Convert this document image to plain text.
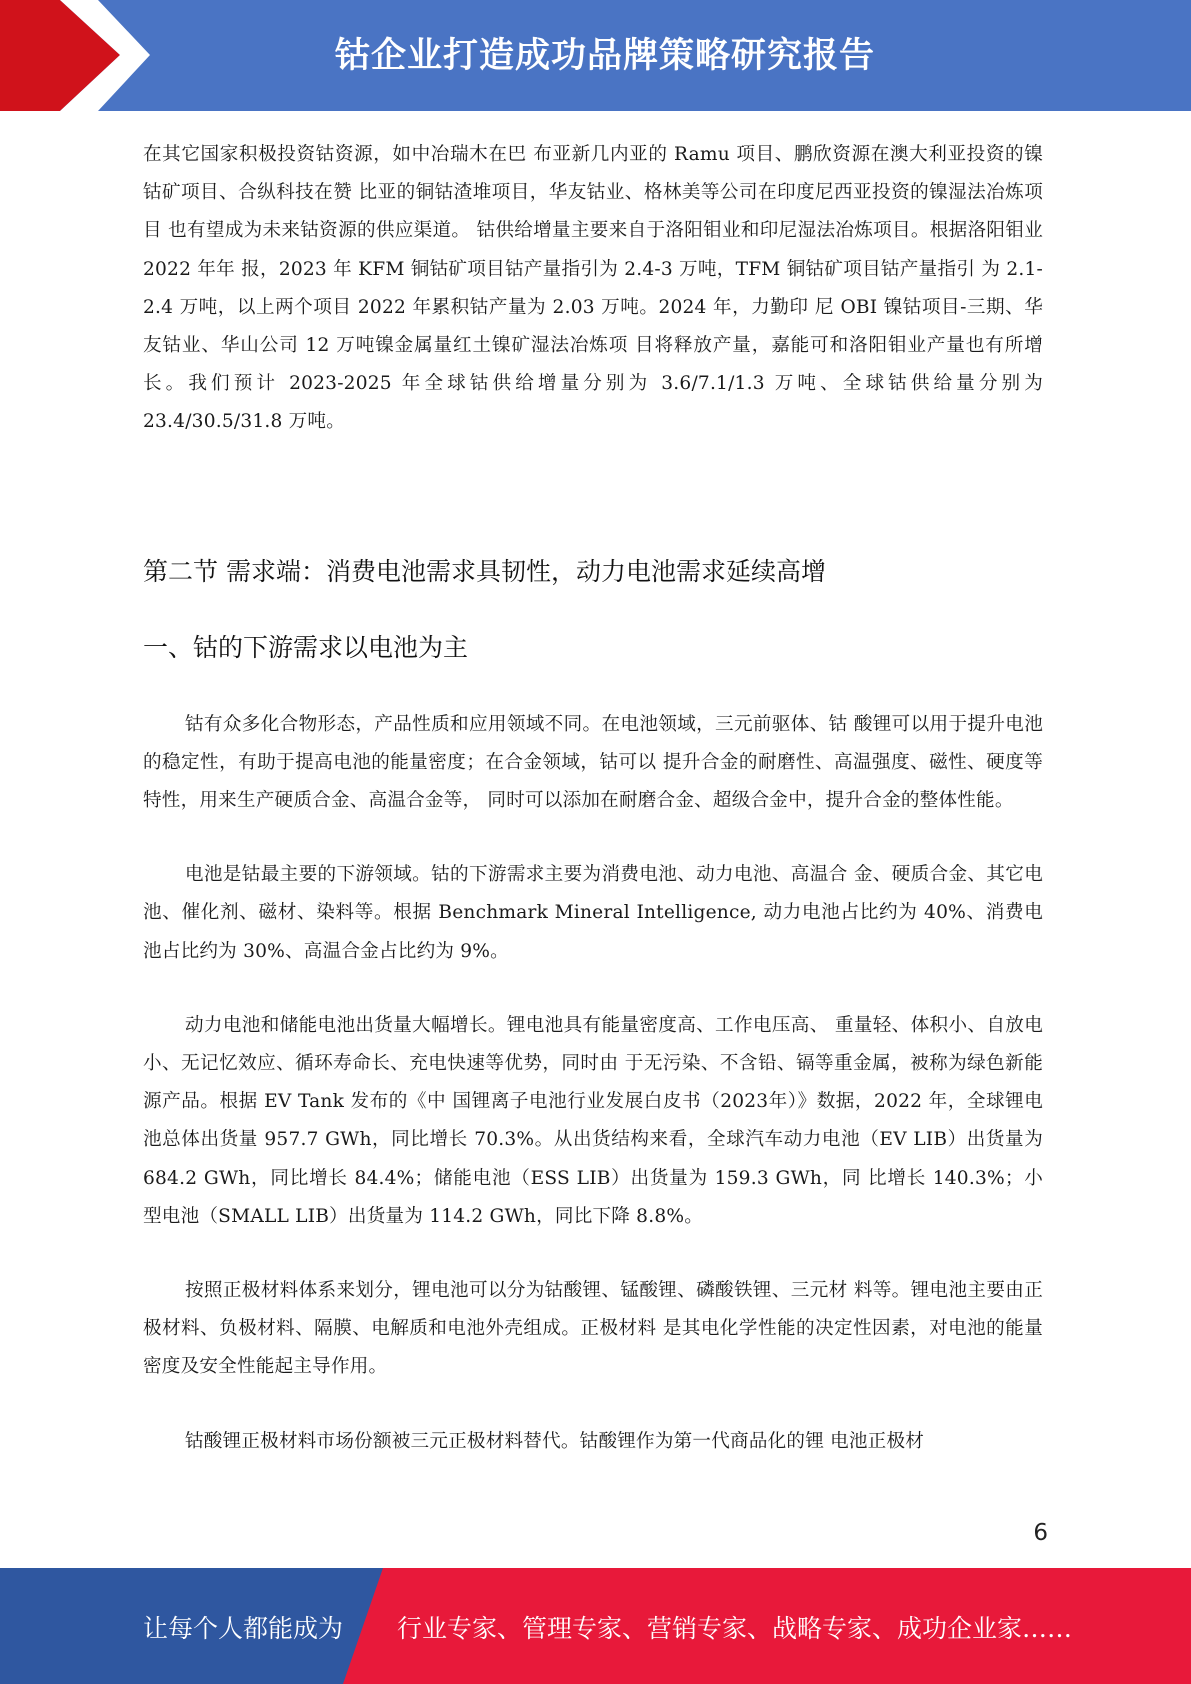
钴企业打造成功品牌策略研究报告

在其它国家积极投资钴资源，如中冶瑞木在巴 布亚新几内亚的 Ramu 项目、鹏欣资源在澳大利亚投资的镍钴矿项目、合纵科技在赞 比亚的铜钴渣堆项目，华友钴业、格林美等公司在印度尼西亚投资的镍湿法冶炼项目 也有望成为未来钴资源的供应渠道。 钴供给增量主要来自于洛阳钼业和印尼湿法冶炼项目。根据洛阳钼业 2022 年年 报，2023 年 KFM 铜钴矿项目钴产量指引为 2.4-3 万吨，TFM 铜钴矿项目钴产量指引 为 2.1-2.4 万吨，以上两个项目 2022 年累积钴产量为 2.03 万吨。2024 年，力勤印 尼 OBI 镍钴项目-三期、华友钴业、华山公司 12 万吨镍金属量红土镍矿湿法冶炼项 目将释放产量，嘉能可和洛阳钼业产量也有所增长。我们预计 2023-2025 年全球钴供给增量分别为 3.6/7.1/1.3 万吨、全球钴供给量分别为 23.4/30.5/31.8 万吨。

第二节 需求端：消费电池需求具韧性，动力电池需求延续高增
一、钴的下游需求以电池为主

钴有众多化合物形态，产品性质和应用领域不同。在电池领域，三元前驱体、钴 酸锂可以用于提升电池的稳定性，有助于提高电池的能量密度；在合金领域，钴可以 提升合金的耐磨性、高温强度、磁性、硬度等特性，用来生产硬质合金、高温合金等， 同时可以添加在耐磨合金、超级合金中，提升合金的整体性能。

电池是钴最主要的下游领域。钴的下游需求主要为消费电池、动力电池、高温合 金、硬质合金、其它电池、催化剂、磁材、染料等。根据 Benchmark Mineral Intelligence, 动力电池占比约为 40%、消费电池占比约为 30%、高温合金占比约为 9%。

动力电池和储能电池出货量大幅增长。锂电池具有能量密度高、工作电压高、 重量轻、体积小、自放电小、无记忆效应、循环寿命长、充电快速等优势，同时由 于无污染、不含铅、镉等重金属，被称为绿色新能源产品。根据 EV Tank 发布的《中 国锂离子电池行业发展白皮书（2023年）》数据，2022 年，全球锂电池总体出货量 957.7 GWh，同比增长 70.3%。从出货结构来看，全球汽车动力电池（EV LIB）出货量为 684.2 GWh，同比增长 84.4%；储能电池（ESS LIB）出货量为 159.3 GWh，同 比增长 140.3%；小型电池（SMALL LIB）出货量为 114.2 GWh，同比下降 8.8%。

按照正极材料体系来划分，锂电池可以分为钴酸锂、锰酸锂、磷酸铁锂、三元材 料等。锂电池主要由正极材料、负极材料、隔膜、电解质和电池外壳组成。正极材料 是其电化学性能的决定性因素，对电池的能量密度及安全性能起主导作用。

钴酸锂正极材料市场份额被三元正极材料替代。钴酸锂作为第一代商品化的锂 电池正极材

6
让每个人都能成为 行业专家、管理专家、营销专家、战略专家、成功企业家……
